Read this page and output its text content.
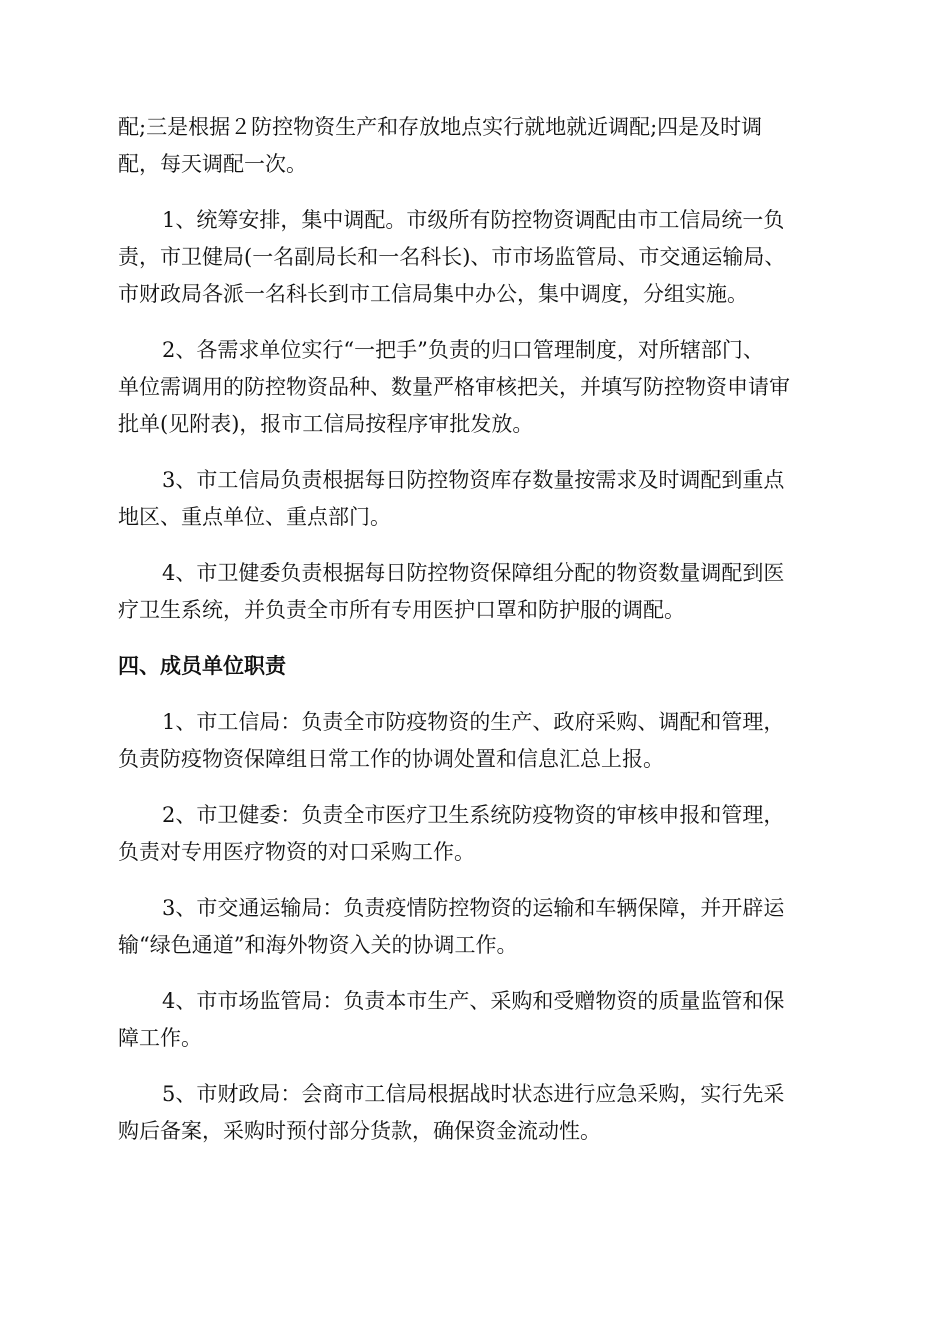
配;三是根据２防控物资生产和存放地点实行就地就近调配;四是及时调
配，每天调配一次。
1、统筹安排，集中调配。市级所有防控物资调配由市工信局统一负
责，市卫健局(一名副局长和一名科长)、市市场监管局、市交通运输局、
市财政局各派一名科长到市工信局集中办公，集中调度，分组实施。
2、各需求单位实行“一把手”负责的归口管理制度，对所辖部门、
单位需调用的防控物资品种、数量严格审核把关，并填写防控物资申请审
批单(见附表)，报市工信局按程序审批发放。
3、市工信局负责根据每日防控物资库存数量按需求及时调配到重点
地区、重点单位、重点部门。
4、市卫健委负责根据每日防控物资保障组分配的物资数量调配到医
疗卫生系统，并负责全市所有专用医护口罩和防护服的调配。
四、成员单位职责
1、市工信局：负责全市防疫物资的生产、政府采购、调配和管理，
负责防疫物资保障组日常工作的协调处置和信息汇总上报。
2、市卫健委：负责全市医疗卫生系统防疫物资的审核申报和管理，
负责对专用医疗物资的对口采购工作。
3、市交通运输局：负责疫情防控物资的运输和车辆保障，并开辟运
输“绿色通道”和海外物资入关的协调工作。
4、市市场监管局：负责本市生产、采购和受赠物资的质量监管和保
障工作。
5、市财政局：会商市工信局根据战时状态进行应急采购，实行先采
购后备案，采购时预付部分货款，确保资金流动性。
